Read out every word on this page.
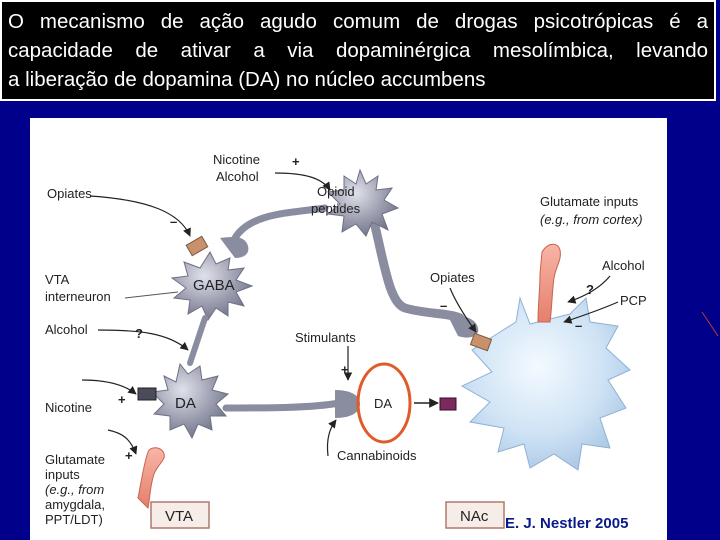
O mecanismo de ação agudo comum de drogas psicotrópicas é a
capacidade de ativar a via dopaminérgica mesolímbica, levando
a liberação de dopamina (DA) no núcleo accumbens
Opioid
peptides
GABA
DA	DA
Nicotine
Alcohol
+
Opiates
–
VTA
interneuron
Alcohol	?
Nicotine
+
Glutamate
inputs
(e.g., from
amygdala,
PPT/LDT)
+
Stimulants
+
Cannabinoids
Opiates
–
Glutamate inputs
(e.g., from cortex)
Alcohol
?
PCP
–
VTA	NAc E. J. Nestler 2005
